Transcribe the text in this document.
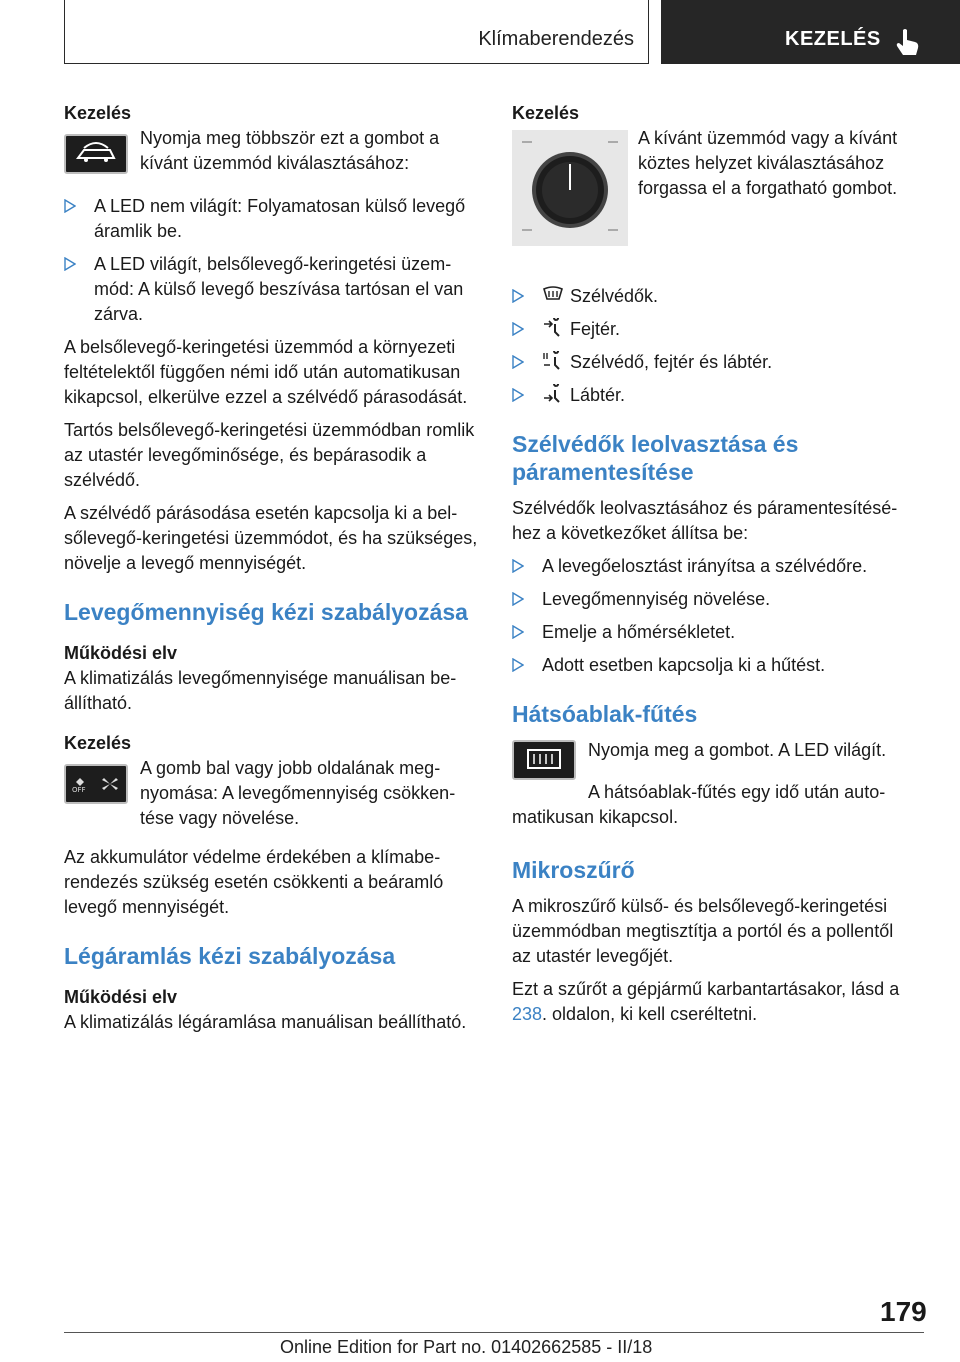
Klímaberendezés	KEZELÉS
Kezelés
Nyomja meg többször ezt a gombot a kívánt üzemmód kiválasztásához:
A LED nem világít: Folyamatosan külső levegő áramlik be.
A LED világít, belsőlevegő-keringetési üzemmód: A külső levegő beszívása tartósan el van zárva.
A belsőlevegő-keringetési üzemmód a környezeti feltételektől függően némi idő után automatikusan kikapcsol, elkerülve ezzel a szélvédő párasodását.
Tartós belsőlevegő-keringetési üzemmódban romlik az utastér levegőminősége, és bepárasodik a szélvédő.
A szélvédő párásodása esetén kapcsolja ki a belsőlevegő-keringetési üzemmódot, és ha szükséges, növelje a levegő mennyiségét.
Levegőmennyiség kézi szabályozása
Működési elv
A klimatizálás levegőmennyisége manuálisan beállítható.
Kezelés
OFF
A gomb bal vagy jobb oldalának megnyomása: A levegőmennyiség csökkentése vagy növelése.
Az akkumulátor védelme érdekében a klímaberendezés szükség esetén csökkenti a beáramló levegő mennyiségét.
Légáramlás kézi szabályozása
Működési elv
A klimatizálás légáramlása manuálisan beállítható.
Kezelés
A kívánt üzemmód vagy a kívánt köztes helyzet kiválasztásához forgassa el a forgatható gombot.
Szélvédők.
Fejtér.
Szélvédő, fejtér és lábtér.
Lábtér.
Szélvédők leolvasztása és páramentesítése
Szélvédők leolvasztásához és páramentesítéséhez a következőket állítsa be:
A levegőelosztást irányítsa a szélvédőre.
Levegőmennyiség növelése.
Emelje a hőmérsékletet.
Adott esetben kapcsolja ki a hűtést.
Hátsóablak-fűtés
Nyomja meg a gombot. A LED világít.
A hátsóablak-fűtés egy idő után automatikusan kikapcsol.
Mikroszűrő
A mikroszűrő külső- és belsőlevegő-keringetési üzemmódban megtisztítja a portól és a pollentől az utastér levegőjét.
Ezt a szűrőt a gépjármű karbantartásakor, lásd a 238. oldalon, ki kell cseréltetni.
179
Online Edition for Part no. 01402662585 - II/18
